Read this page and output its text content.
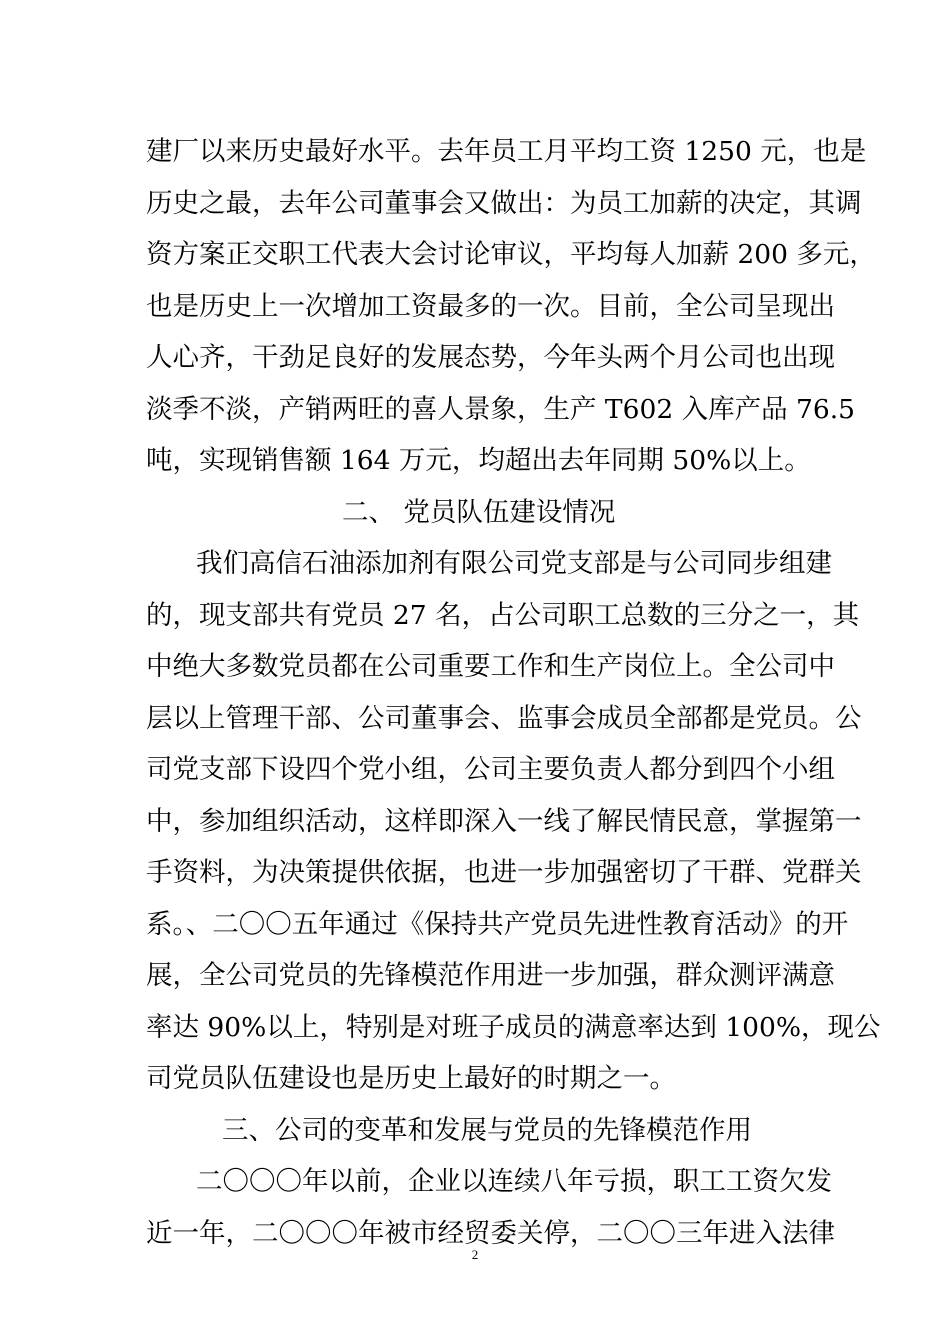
建厂以来历史最好水平。去年员工月平均工资 1250 元，也是
历史之最，去年公司董事会又做出：为员工加薪的决定，其调
资方案正交职工代表大会讨论审议，平均每人加薪 200 多元，
也是历史上一次增加工资最多的一次。目前，全公司呈现出
人心齐，干劲足良好的发展态势，今年头两个月公司也出现
淡季不淡，产销两旺的喜人景象，生产 T602 入库产品 76.5
吨，实现销售额 164 万元，均超出去年同期 50%以上。
二、 党员队伍建设情况
我们高信石油添加剂有限公司党支部是与公司同步组建
的，现支部共有党员 27 名，占公司职工总数的三分之一，其
中绝大多数党员都在公司重要工作和生产岗位上。全公司中
层以上管理干部、公司董事会、监事会成员全部都是党员。公
司党支部下设四个党小组，公司主要负责人都分到四个小组
中，参加组织活动，这样即深入一线了解民情民意，掌握第一
手资料，为决策提供依据，也进一步加强密切了干群、党群关
系。、二〇〇五年通过《保持共产党员先进性教育活动》的开
展，全公司党员的先锋模范作用进一步加强，群众测评满意
率达 90%以上，特别是对班子成员的满意率达到 100%，现公
司党员队伍建设也是历史上最好的时期之一。
三、公司的变革和发展与党员的先锋模范作用
二〇〇〇年以前，企业以连续八年亏损，职工工资欠发
近一年，二〇〇〇年被市经贸委关停，二〇〇三年进入法律
2
